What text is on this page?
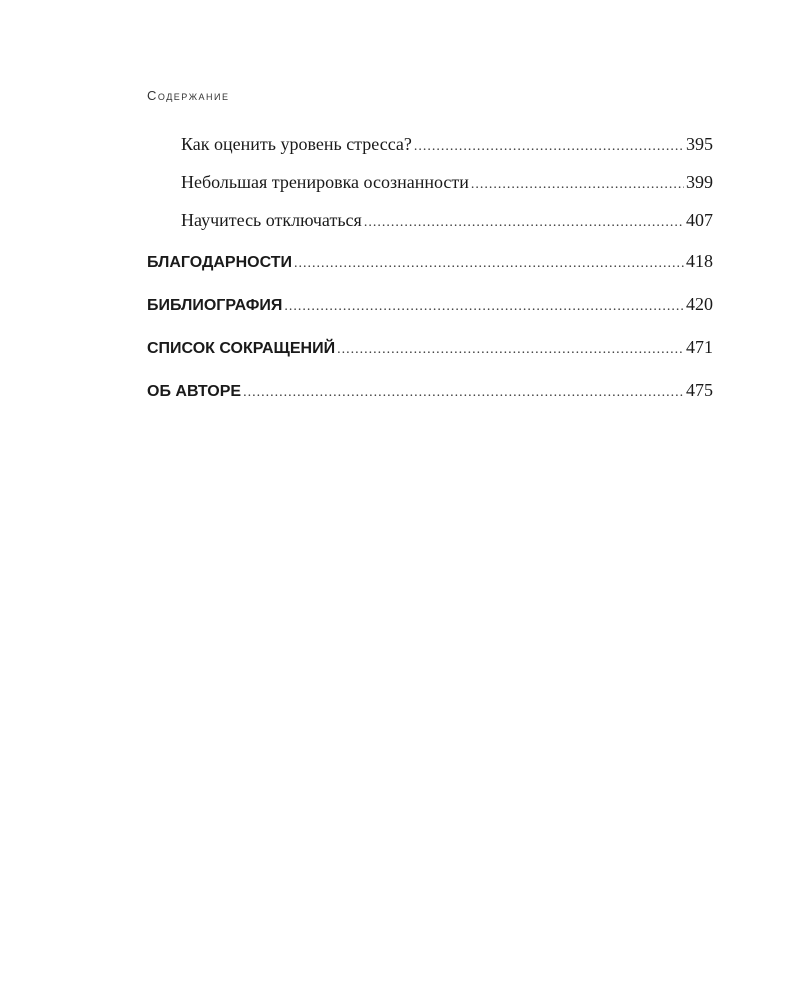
Содержание
Как оценить уровень стресса? .....	395
Небольшая тренировка осознанности .....	399
Научитесь отключаться .....	407
БЛАГОДАРНОСТИ .....	418
БИБЛИОГРАФИЯ .....	420
СПИСОК СОКРАЩЕНИЙ .....	471
ОБ АВТОРЕ .....	475
